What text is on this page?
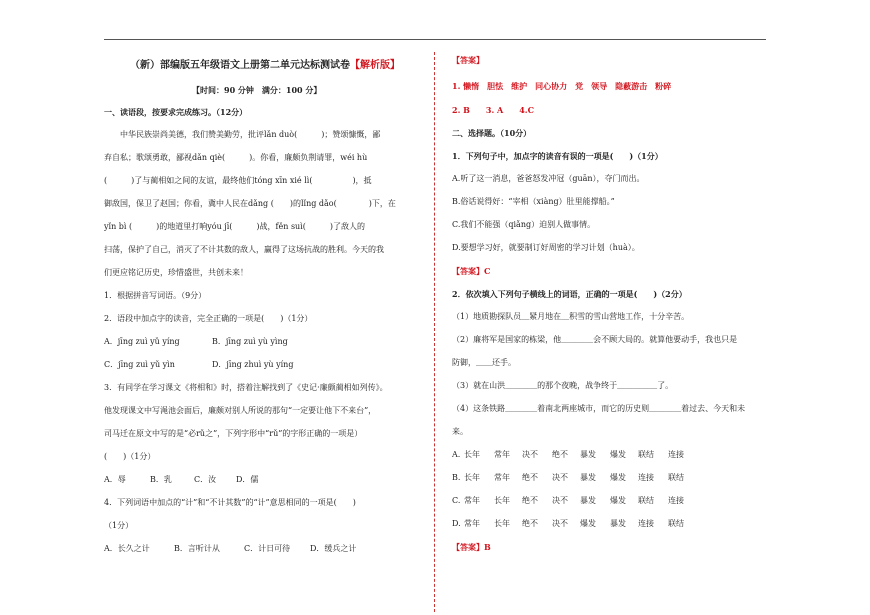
（新）部编版五年级语文上册第二单元达标测试卷【解析版】
【时间：90 分钟　满分：100 分】
一、读语段，按要求完成练习。（12分）
中华民族崇尚美德，我们赞美勤劳，批评lǎn duò(　　　)；赞颂慷慨，鄙
弃自私；歌颂勇敢，鄙视dǎn qiè(　　　)。你看，廉颇负荆请罪，wéi hù
(　　　)了与蔺相如之间的友谊，最终他们tóng xīn xié lì(　　　　　)，抵
御敌国，保卫了赵国；你看，冀中人民在dǎng (　　)的lǐng dǎo(　　　　)下，在
yǐn bì (　　　)的地道里打响yóu jī(　　　)战，fěn suì(　　　)了敌人的
扫荡，保护了自己，消灭了不计其数的敌人，赢得了这场抗战的胜利。今天的我
们更应铭记历史，珍惜盛世，共创未来！
1．根据拼音写词语。（9分）
2．语段中加点字的读音，完全正确的一项是(　　)（1分）
A．jīng zuì yǔ yíng	B．jīng zuì yù yìng
C．jīng zuì yǔ yìn	D．jīng zhuì yù yíng
3．有同学在学习课文《将相和》时，搭着注解找到了《史记·廉颇蔺相如列传》。
他发现课文中写渑池会面后，廉颇对别人所说的那句“一定要让他下不来台”，
司马迁在原文中写的是“必rǔ之”，下列字形中“rǔ”的字形正确的一项是）
(　　)（1分）
A．辱	B．乳	C．汝 D．儒
4．下列词语中加点的“计”和“不计其数”的“计”意思相同的一项是(　　)
（1分）
A．长久之计	B．言听计从	C．计日可待 D．缓兵之计
【答案】
1. 懒惰　胆怯　维护　同心协力　党　领导　隐蔽游击　粉碎
2. B　　3. A　　4.C
二、选择题。（10分）
1．下列句子中，加点字的读音有误的一项是(　　)（1分）
A.听了这一消息，爸爸怒发冲冠（guān），夺门而出。
B.俗话说得好：“宰相（xiàng）肚里能撑船。”
C.我们不能强（qiǎng）迫别人做事情。
D.要想学习好，就要制订好周密的学习计划（huà）。
【答案】C
2．依次填入下列句子横线上的词语，正确的一项是(　　)（2分）
（1）地质勘探队员＿紧月地在＿积雪的雪山营地工作，十分辛苦。
（2）廉将军是国家的栋梁，他＿＿＿＿会不顾大局的。就算他要动手，我也只是
防御，＿＿还手。
（3）就在山洪＿＿＿＿的那个夜晚，战争终于＿＿＿＿＿了。
（4）这条铁路＿＿＿＿着南北两座城市，而它的历史则＿＿＿＿着过去、今天和未
来。
A. 长年 常年 决不 绝不 暴发 爆发 联结 连接
B. 长年 常年 绝不 决不 暴发 爆发 连接 联结
C. 常年 长年 绝不 决不 暴发 爆发 联结 连接
D. 常年 长年 绝不 决不 爆发 暴发 连接 联结
【答案】B
